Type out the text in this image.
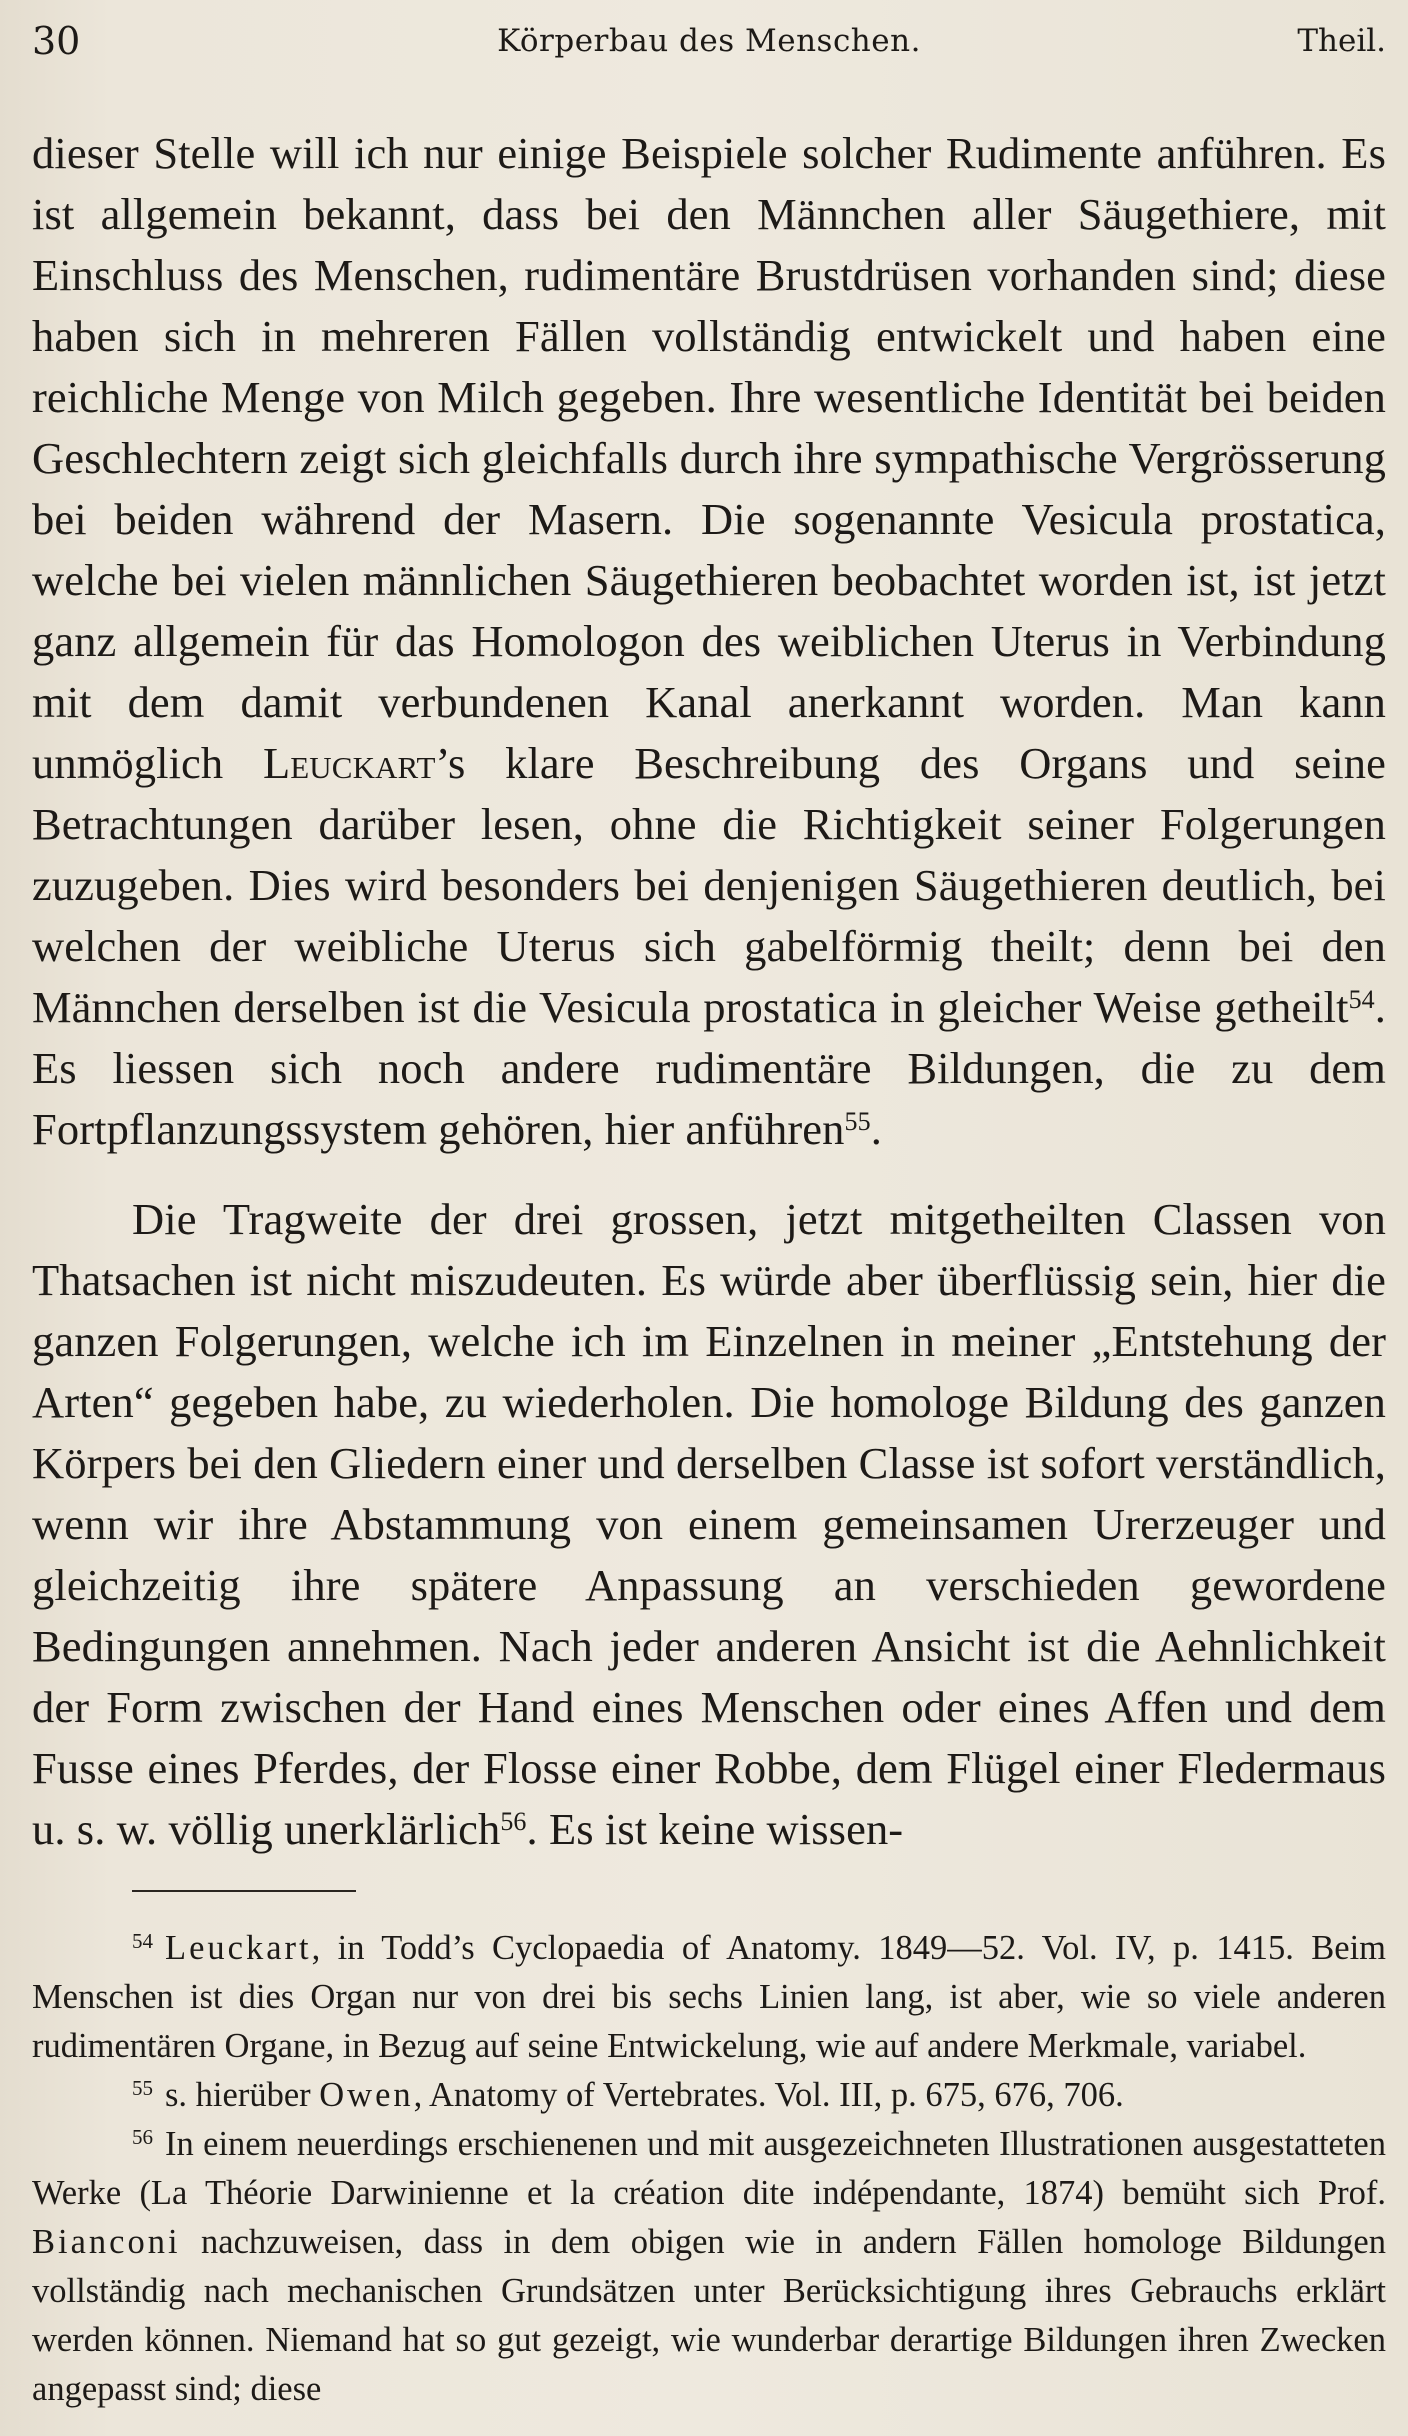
30	Körperbau des Menschen.	Theil.

dieser Stelle will ich nur einige Beispiele solcher Rudimente anführen. Es ist allgemein bekannt, dass bei den Männchen aller Säugethiere, mit Einschluss des Menschen, rudimentäre Brustdrüsen vorhanden sind; diese haben sich in mehreren Fällen vollständig entwickelt und haben eine reichliche Menge von Milch gegeben. Ihre wesentliche Identität bei beiden Geschlechtern zeigt sich gleichfalls durch ihre sympathische Vergrösserung bei beiden während der Masern. Die sogenannte Vesicula prostatica, welche bei vielen männlichen Säugethieren beobachtet worden ist, ist jetzt ganz allgemein für das Homologon des weiblichen Uterus in Verbindung mit dem damit verbundenen Kanal anerkannt worden. Man kann unmöglich Leuckart’s klare Beschreibung des Organs und seine Betrachtungen darüber lesen, ohne die Richtigkeit seiner Folgerungen zuzugeben. Dies wird besonders bei denjenigen Säugethieren deutlich, bei welchen der weibliche Uterus sich gabelförmig theilt; denn bei den Männchen derselben ist die Vesicula prostatica in gleicher Weise getheilt$^{54}$. Es liessen sich noch andere rudimentäre Bildungen, die zu dem Fortpflanzungssystem gehören, hier anführen$^{55}$.

Die Tragweite der drei grossen, jetzt mitgetheilten Classen von Thatsachen ist nicht miszudeuten. Es würde aber überflüssig sein, hier die ganzen Folgerungen, welche ich im Einzelnen in meiner „Entstehung der Arten“ gegeben habe, zu wiederholen. Die homologe Bildung des ganzen Körpers bei den Gliedern einer und derselben Classe ist sofort verständlich, wenn wir ihre Abstammung von einem gemeinsamen Urerzeuger und gleichzeitig ihre spätere Anpassung an verschieden gewordene Bedingungen annehmen. Nach jeder anderen Ansicht ist die Aehnlichkeit der Form zwischen der Hand eines Menschen oder eines Affen und dem Fusse eines Pferdes, der Flosse einer Robbe, dem Flügel einer Fledermaus u. s. w. völlig unerklärlich$^{56}$. Es ist keine wissen-

$^{54}$ Leuckart, in Todd’s Cyclopaedia of Anatomy. 1849—52. Vol. IV, p. 1415. Beim Menschen ist dies Organ nur von drei bis sechs Linien lang, ist aber, wie so viele anderen rudimentären Organe, in Bezug auf seine Entwickelung, wie auf andere Merkmale, variabel.

$^{55}$ s. hierüber Owen, Anatomy of Vertebrates. Vol. III, p. 675, 676, 706.

$^{56}$ In einem neuerdings erschienenen und mit ausgezeichneten Illustrationen ausgestatteten Werke (La Théorie Darwinienne et la création dite indépendante, 1874) bemüht sich Prof. Bianconi nachzuweisen, dass in dem obigen wie in andern Fällen homologe Bildungen vollständig nach mechanischen Grundsätzen unter Berücksichtigung ihres Gebrauchs erklärt werden können. Niemand hat so gut gezeigt, wie wunderbar derartige Bildungen ihren Zwecken angepasst sind; diese
